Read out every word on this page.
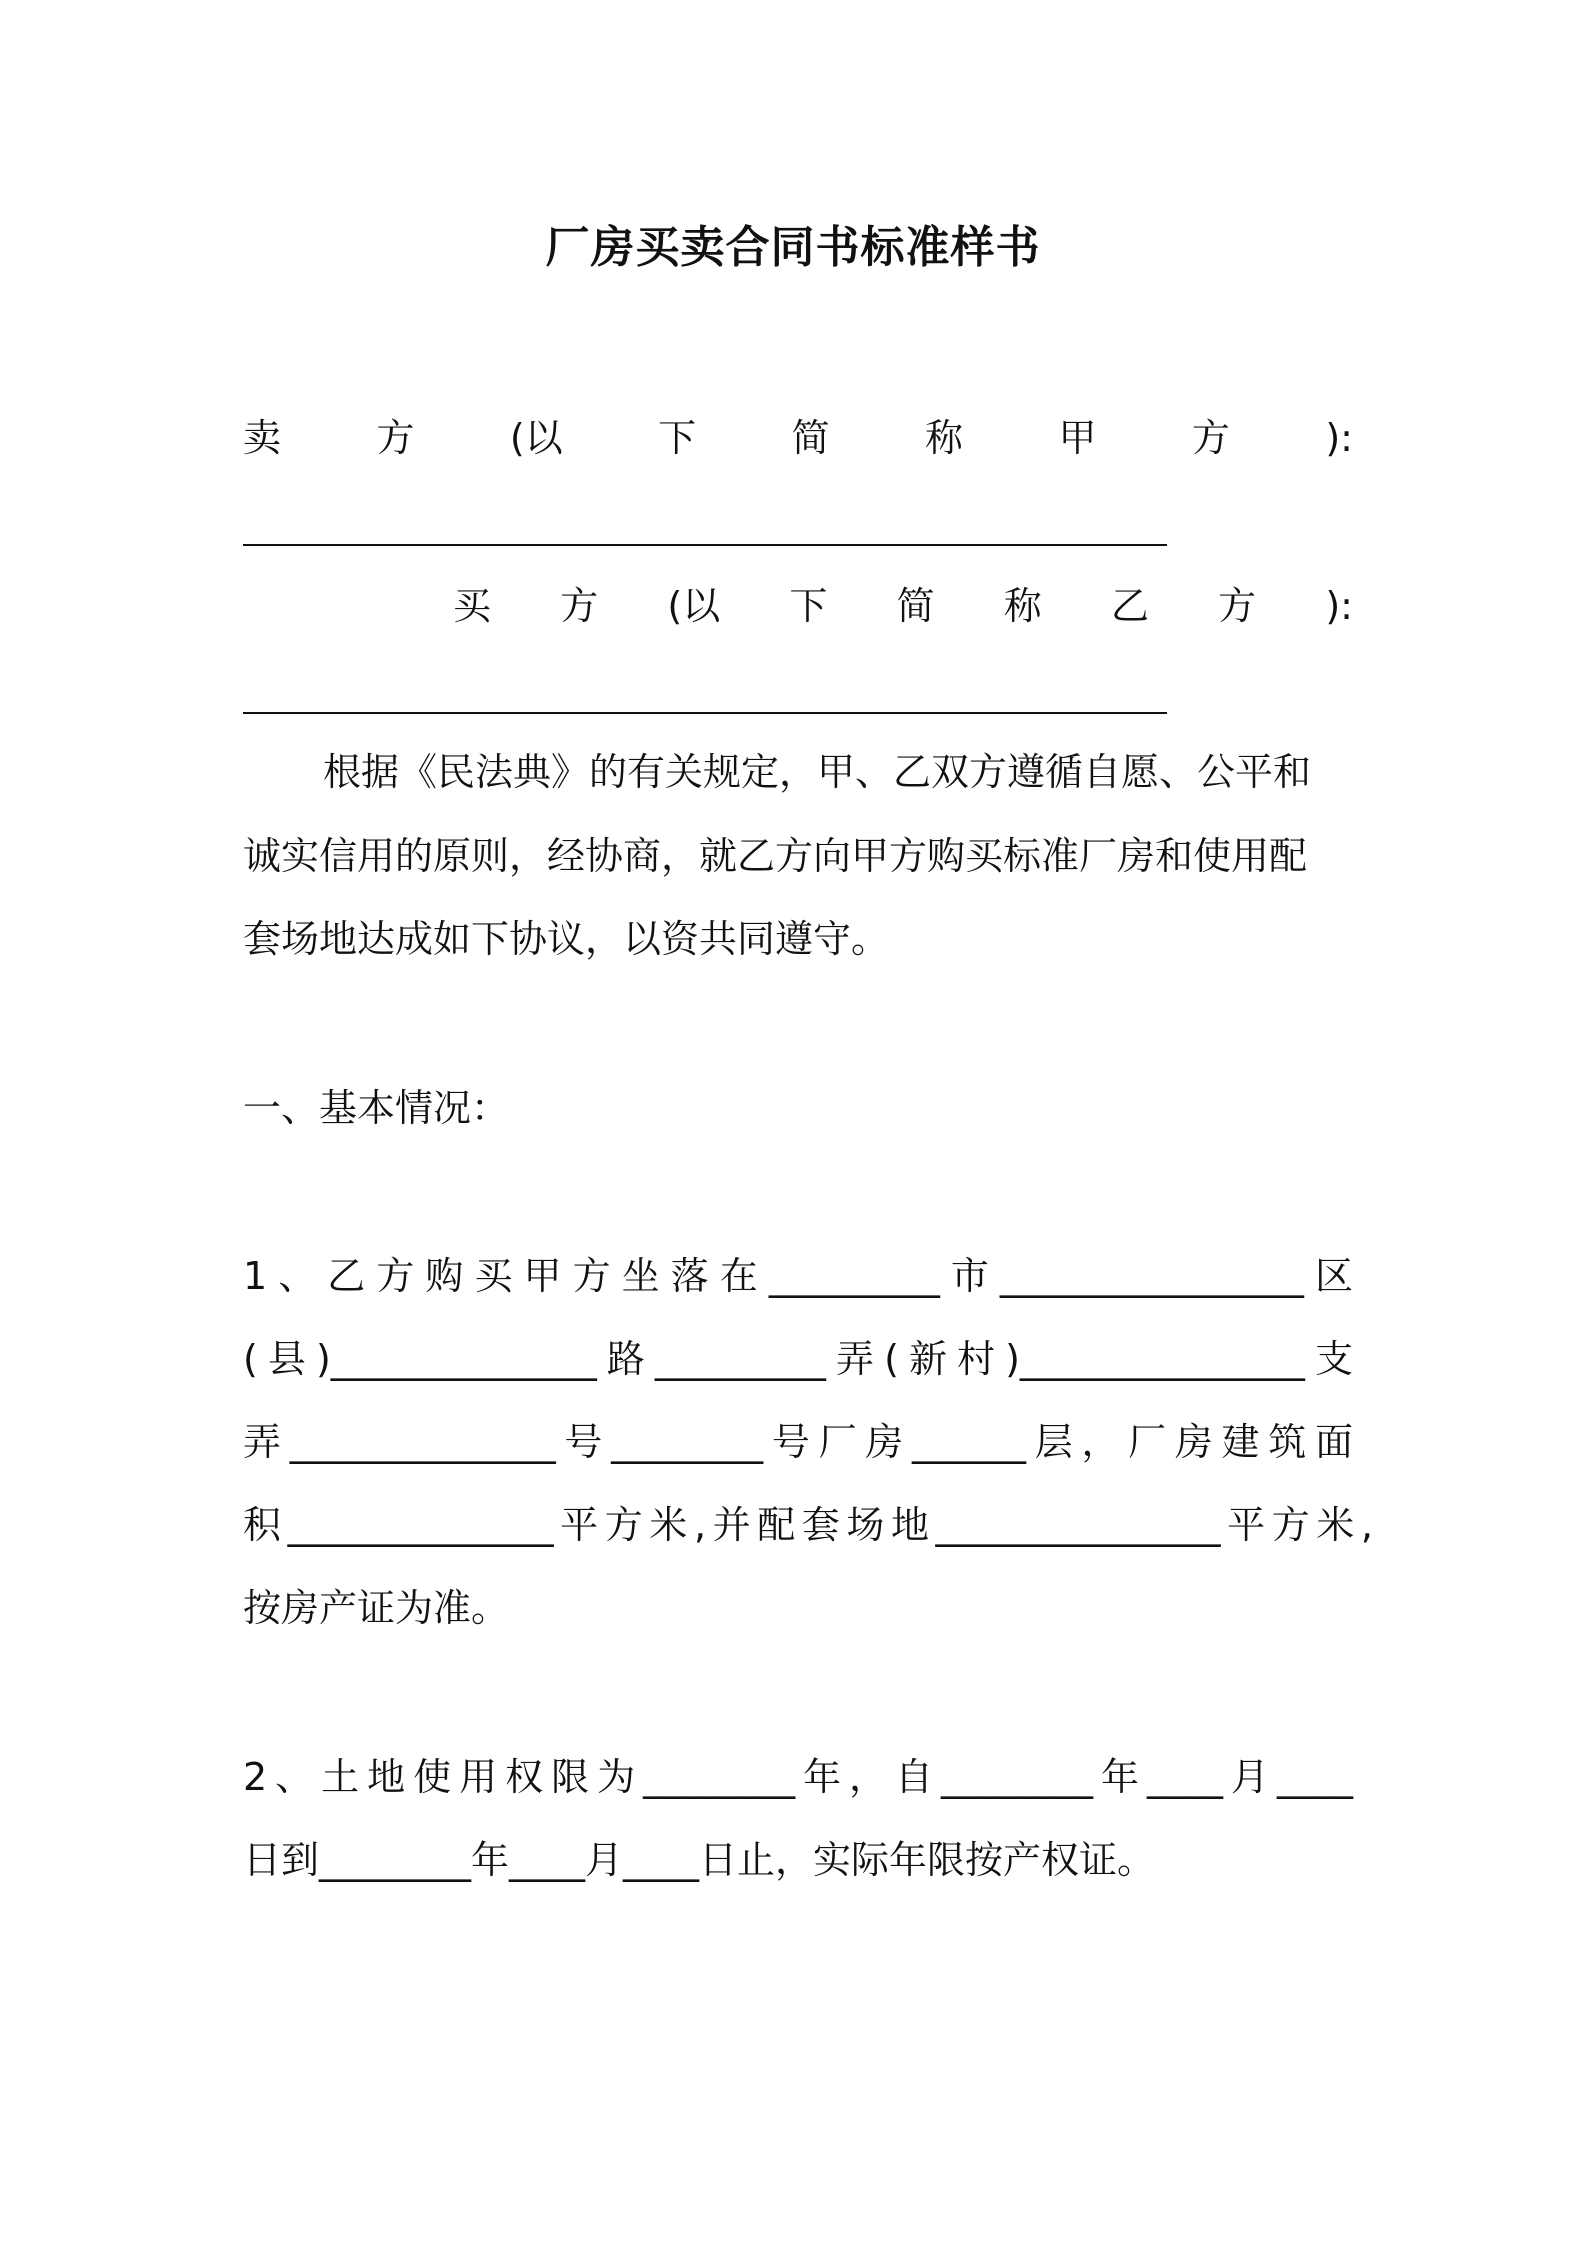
厂房买卖合同书标准样书
卖	方	(以	下	简	称	甲	方	):
买 方 (以 下 简 称 乙 方 ):
根据《民法典》的有关规定，甲、乙双方遵循自愿、公平和
诚实信用的原则，经协商，就乙方向甲方购买标准厂房和使用配
套场地达成如下协议，以资共同遵守。
一、基本情况：
1、乙方购买甲方坐落在_________市________________区
(县)______________路_________弄(新村)_______________支
弄______________号________号厂房______层，厂房建筑面
积______________平方米,并配套场地_______________平方米,
按房产证为准。
2、土地使用权限为________年，自________年____月____
日到________年____月____日止，实际年限按产权证。
